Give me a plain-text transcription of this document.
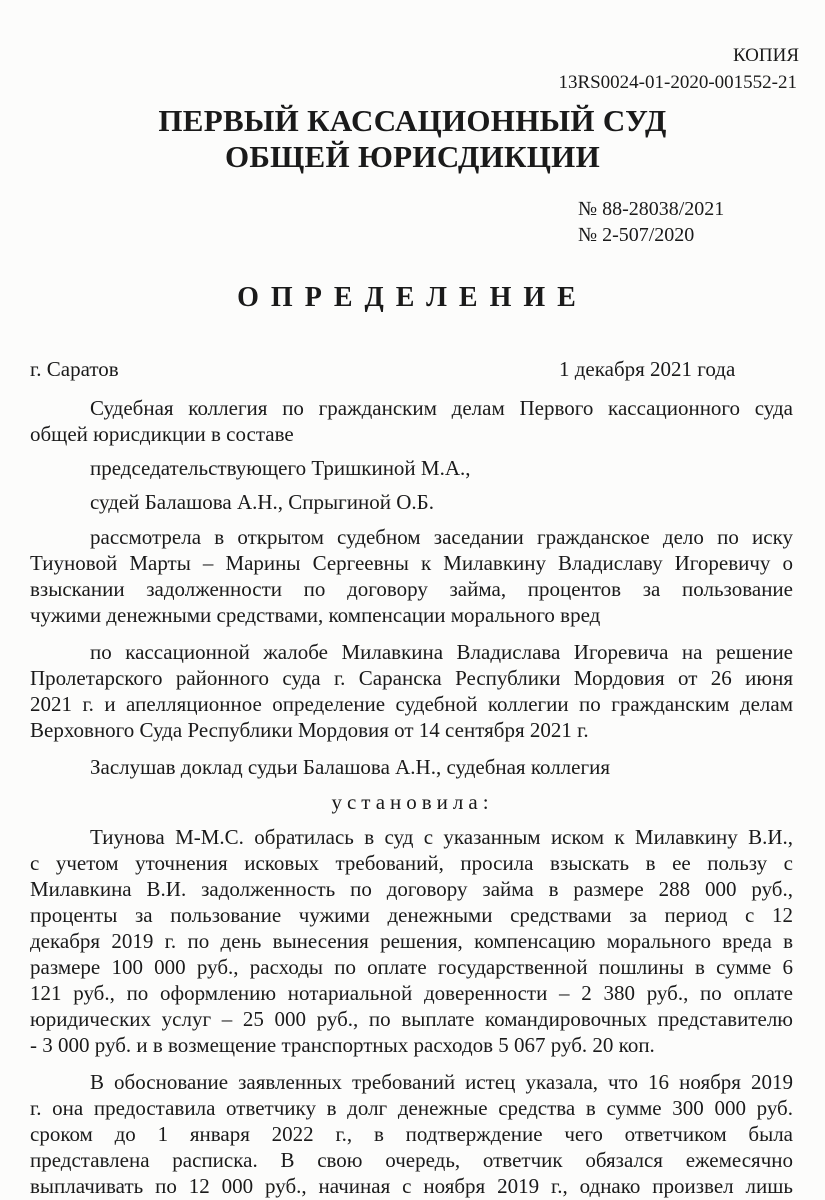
КОПИЯ
13RS0024-01-2020-001552-21
ПЕРВЫЙ КАССАЦИОННЫЙ СУД
ОБЩЕЙ ЮРИСДИКЦИИ
№ 88-28038/2021
№ 2-507/2020
ОПРЕДЕЛЕНИЕ
г. Саратов	1 декабря 2021 года
Судебная коллегия по гражданским делам Первого кассационного суда
общей юрисдикции в составе
председательствующего Тришкиной М.А.,
судей Балашова А.Н., Спрыгиной О.Б.
рассмотрела в открытом судебном заседании гражданское дело по иску
Тиуновой Марты – Марины Сергеевны к Милавкину Владиславу Игоревичу о
взыскании задолженности по договору займа, процентов за пользование
чужими денежными средствами, компенсации морального вред
по кассационной жалобе Милавкина Владислава Игоревича на решение
Пролетарского районного суда г. Саранска Республики Мордовия от 26 июня
2021 г. и апелляционное определение судебной коллегии по гражданским делам
Верховного Суда Республики Мордовия от 14 сентября 2021 г.
Заслушав доклад судьи Балашова А.Н., судебная коллегия
установила:
Тиунова М-М.С. обратилась в суд с указанным иском к Милавкину В.И.,
с учетом уточнения исковых требований, просила взыскать в ее пользу с
Милавкина В.И. задолженность по договору займа в размере 288 000 руб.,
проценты за пользование чужими денежными средствами за период с 12
декабря 2019 г. по день вынесения решения, компенсацию морального вреда в
размере 100 000 руб., расходы по оплате государственной пошлины в сумме 6
121 руб., по оформлению нотариальной доверенности – 2 380 руб., по оплате
юридических услуг – 25 000 руб., по выплате командировочных представителю
- 3 000 руб. и в возмещение транспортных расходов 5 067 руб. 20 коп.
В обоснование заявленных требований истец указала, что 16 ноября 2019
г. она предоставила ответчику в долг денежные средства в сумме 300 000 руб.
сроком до 1 января 2022 г., в подтверждение чего ответчиком была
представлена расписка. В свою очередь, ответчик обязался ежемесячно
выплачивать по 12 000 руб., начиная с ноября 2019 г., однако произвел лишь
